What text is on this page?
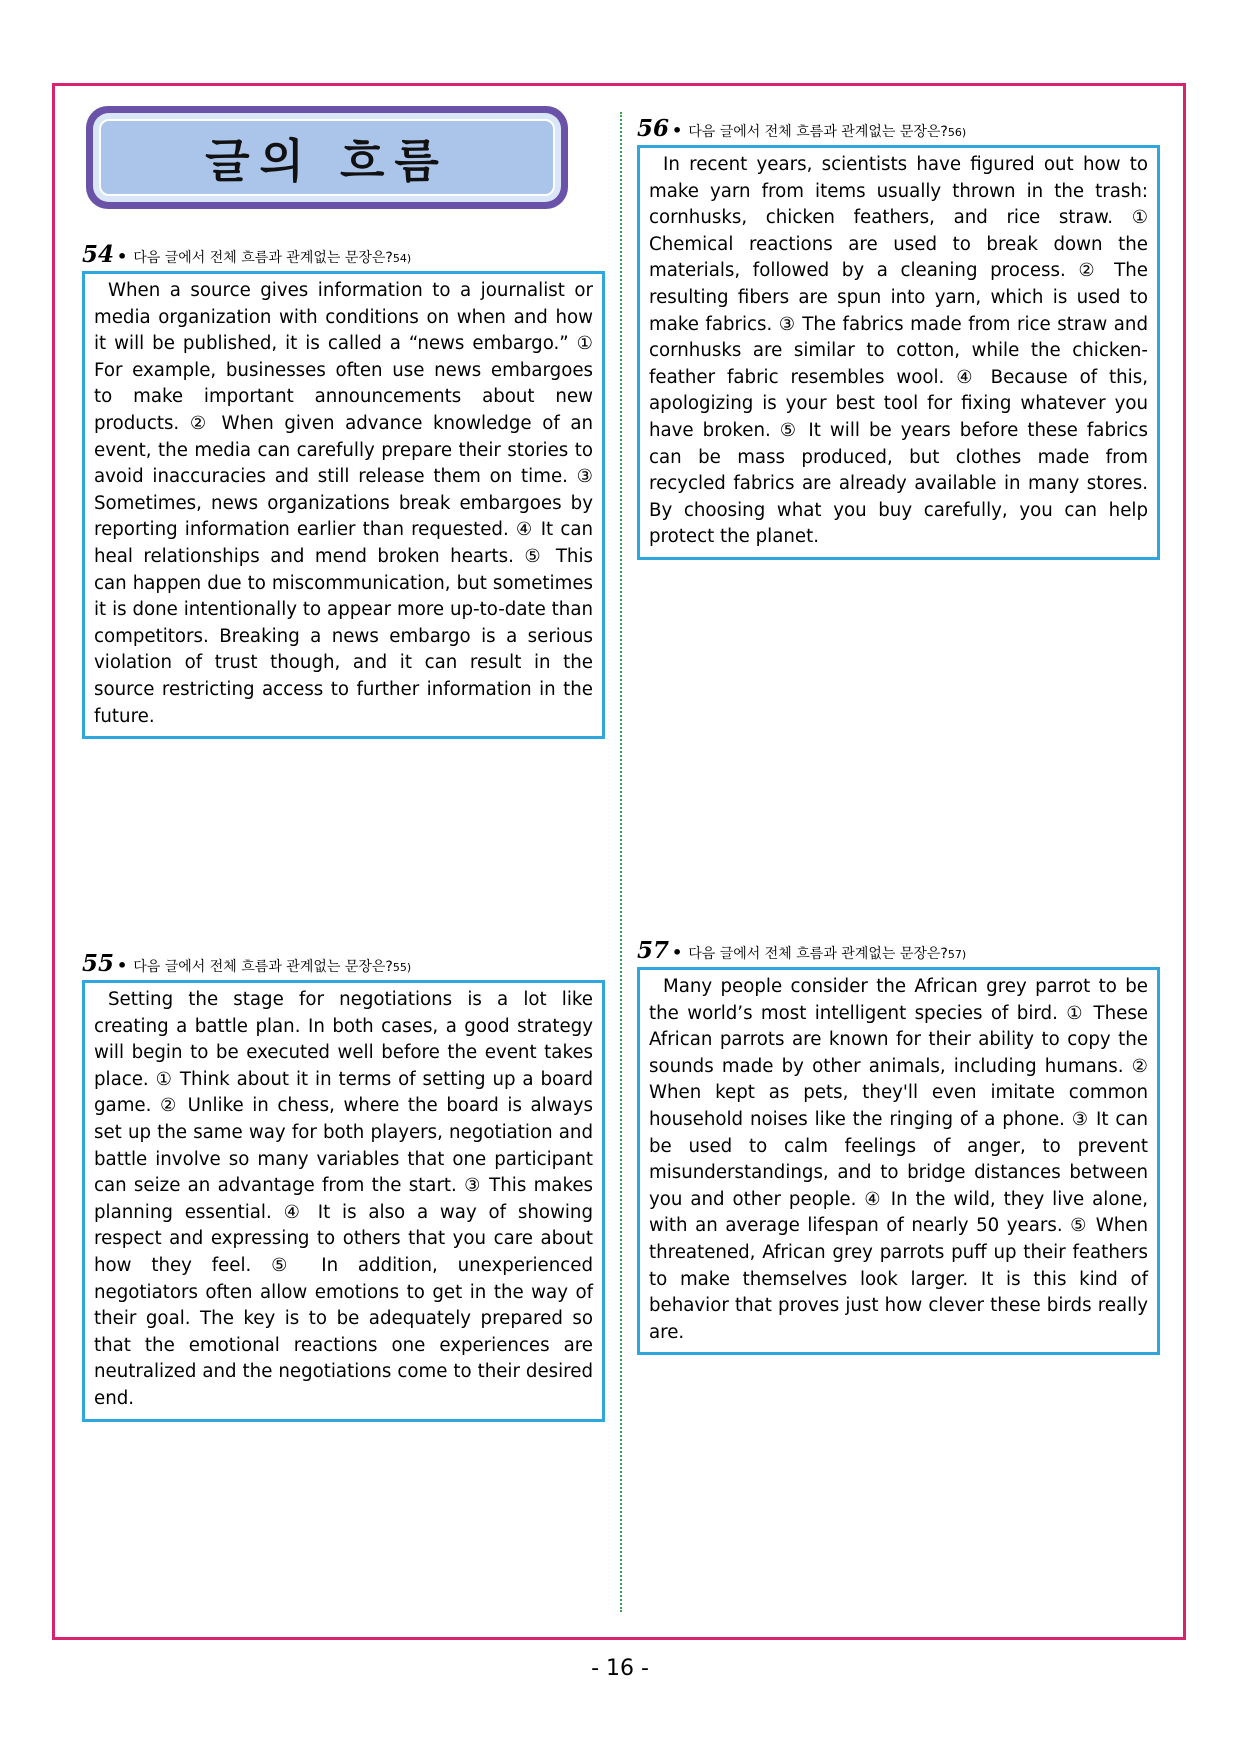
글의 흐름
54 • 다음 글에서 전체 흐름과 관계없는 문장은? 54)

When a source gives information to a journalist or media organization with conditions on when and how it will be published, it is called a “news embargo.” ① For example, businesses often use news embargoes to make important announcements about new products. ② When given advance knowledge of an event, the media can carefully prepare their stories to avoid inaccuracies and still release them on time. ③ Sometimes, news organizations break embargoes by reporting information earlier than requested. ④ It can heal relationships and mend broken hearts. ⑤ This can happen due to miscommunication, but sometimes it is done intentionally to appear more up-to-date than competitors. Breaking a news embargo is a serious violation of trust though, and it can result in the source restricting access to further information in the future.

55 • 다음 글에서 전체 흐름과 관계없는 문장은? 55)

Setting the stage for negotiations is a lot like creating a battle plan. In both cases, a good strategy will begin to be executed well before the event takes place. ① Think about it in terms of setting up a board game. ② Unlike in chess, where the board is always set up the same way for both players, negotiation and battle involve so many variables that one participant can seize an advantage from the start. ③ This makes planning essential. ④ It is also a way of showing respect and expressing to others that you care about how they feel. ⑤ In addition, unexperienced negotiators often allow emotions to get in the way of their goal. The key is to be adequately prepared so that the emotional reactions one experiences are neutralized and the negotiations come to their desired end.

56 • 다음 글에서 전체 흐름과 관계없는 문장은? 56)

In recent years, scientists have figured out how to make yarn from items usually thrown in the trash: cornhusks, chicken feathers, and rice straw. ① Chemical reactions are used to break down the materials, followed by a cleaning process. ② The resulting fibers are spun into yarn, which is used to make fabrics. ③ The fabrics made from rice straw and cornhusks are similar to cotton, while the chicken-feather fabric resembles wool. ④ Because of this, apologizing is your best tool for fixing whatever you have broken. ⑤ It will be years before these fabrics can be mass produced, but clothes made from recycled fabrics are already available in many stores. By choosing what you buy carefully, you can help protect the planet.

57 • 다음 글에서 전체 흐름과 관계없는 문장은? 57)

Many people consider the African grey parrot to be the world’s most intelligent species of bird. ① These African parrots are known for their ability to copy the sounds made by other animals, including humans. ② When kept as pets, they'll even imitate common household noises like the ringing of a phone. ③ It can be used to calm feelings of anger, to prevent misunderstandings, and to bridge distances between you and other people. ④ In the wild, they live alone, with an average lifespan of nearly 50 years. ⑤ When threatened, African grey parrots puff up their feathers to make themselves look larger. It is this kind of behavior that proves just how clever these birds really are.

- 16 -
